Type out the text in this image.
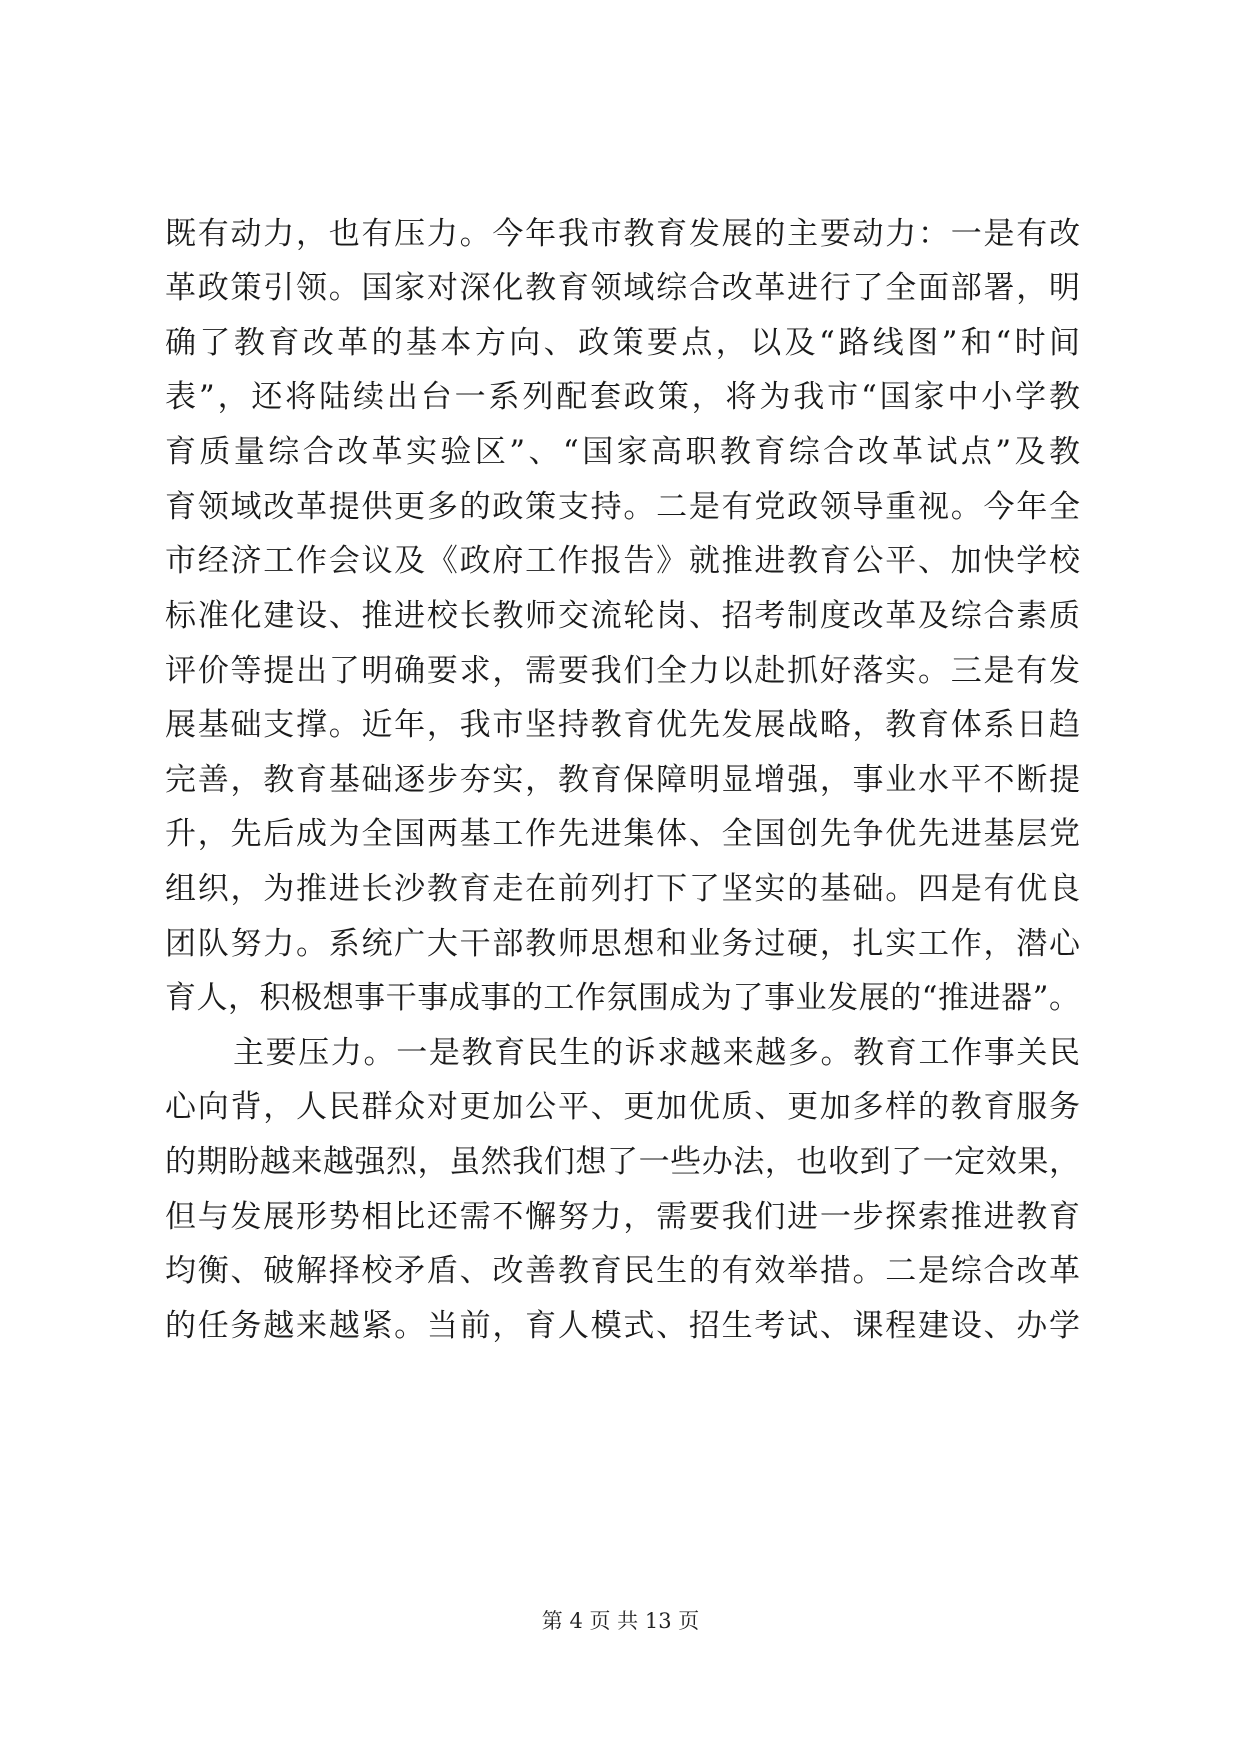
既有动力，也有压力。今年我市教育发展的主要动力：一是有改
革政策引领。国家对深化教育领域综合改革进行了全面部署，明
确了教育改革的基本方向、政策要点，以及“路线图”和“时间
表”，还将陆续出台一系列配套政策，将为我市“国家中小学教
育质量综合改革实验区”、“国家高职教育综合改革试点”及教
育领域改革提供更多的政策支持。二是有党政领导重视。今年全
市经济工作会议及《政府工作报告》就推进教育公平、加快学校
标准化建设、推进校长教师交流轮岗、招考制度改革及综合素质
评价等提出了明确要求，需要我们全力以赴抓好落实。三是有发
展基础支撑。近年，我市坚持教育优先发展战略，教育体系日趋
完善，教育基础逐步夯实，教育保障明显增强，事业水平不断提
升，先后成为全国两基工作先进集体、全国创先争优先进基层党
组织，为推进长沙教育走在前列打下了坚实的基础。四是有优良
团队努力。系统广大干部教师思想和业务过硬，扎实工作，潜心
育人，积极想事干事成事的工作氛围成为了事业发展的“推进器”。
主要压力。一是教育民生的诉求越来越多。教育工作事关民
心向背，人民群众对更加公平、更加优质、更加多样的教育服务
的期盼越来越强烈，虽然我们想了一些办法，也收到了一定效果，
但与发展形势相比还需不懈努力，需要我们进一步探索推进教育
均衡、破解择校矛盾、改善教育民生的有效举措。二是综合改革
的任务越来越紧。当前，育人模式、招生考试、课程建设、办学
第 4 页 共 13 页
